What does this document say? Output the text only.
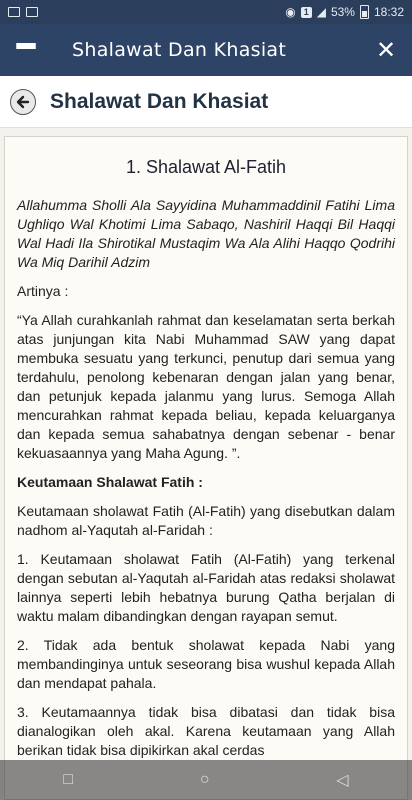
◉ 1 ◢ 53% 18:32
Shalawat Dan Khasiat	✕
Shalawat Dan Khasiat
1. Shalawat Al-Fatih

Allahumma Sholli Ala Sayyidina Muhammaddinil Fatihi Lima Ughliqo Wal Khotimi Lima Sabaqo, Nashiril Haqqi Bil Haqqi Wal Hadi Ila Shirotikal Mustaqim Wa Ala Alihi Haqqo Qodrihi Wa Miq Darihil Adzim

Artinya :

“Ya Allah curahkanlah rahmat dan keselamatan serta berkah atas junjungan kita Nabi Muhammad SAW yang dapat membuka sesuatu yang terkunci, penutup dari semua yang terdahulu, penolong kebenaran dengan jalan yang benar, dan petunjuk kepada jalanmu yang lurus. Semoga Allah mencurahkan rahmat kepada beliau, kepada keluarganya dan kepada semua sahabatnya dengan sebenar - benar kekuasaannya yang Maha Agung. ”.

Keutamaan Shalawat Fatih :

Keutamaan sholawat Fatih (Al-Fatih) yang disebutkan dalam nadhom al-Yaqutah al-Faridah :

1. Keutamaan sholawat Fatih (Al-Fatih) yang terkenal dengan sebutan al-Yaqutah al-Faridah atas redaksi sholawat lainnya seperti lebih hebatnya burung Qatha berjalan di waktu malam dibandingkan dengan rayapan semut.

2. Tidak ada bentuk sholawat kepada Nabi yang membandinginya untuk seseorang bisa wushul kepada Allah dan mendapat pahala.

3. Keutamaannya tidak bisa dibatasi dan tidak bisa dianalogikan oleh akal. Karena keutamaan yang Allah berikan tidak bisa dipikirkan akal cerdas

□	○	◁
